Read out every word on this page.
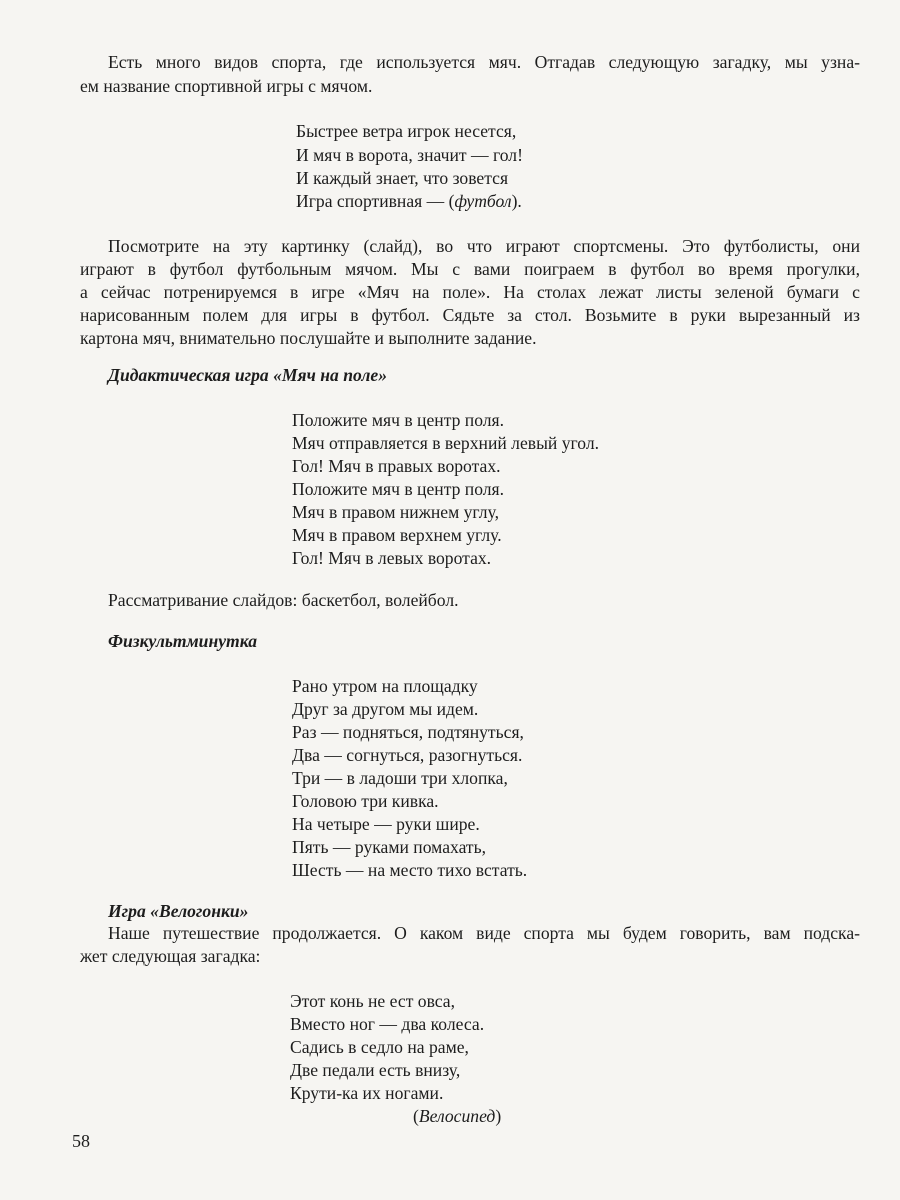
Есть много видов спорта, где используется мяч. Отгадав следующую загадку, мы узна-
ем название спортивной игры с мячом.
Быстрее ветра игрок несется,
И мяч в ворота, значит — гол!
И каждый знает, что зовется
Игра спортивная — (футбол).
Посмотрите на эту картинку (слайд), во что играют спортсмены. Это футболисты, они
играют в футбол футбольным мячом. Мы с вами поиграем в футбол во время прогулки,
а сейчас потренируемся в игре «Мяч на поле». На столах лежат листы зеленой бумаги с
нарисованным полем для игры в футбол. Сядьте за стол. Возьмите в руки вырезанный из
картона мяч, внимательно послушайте и выполните задание.
Дидактическая игра «Мяч на поле»
Положите мяч в центр поля.
Мяч отправляется в верхний левый угол.
Гол! Мяч в правых воротах.
Положите мяч в центр поля.
Мяч в правом нижнем углу,
Мяч в правом верхнем углу.
Гол! Мяч в левых воротах.
Рассматривание слайдов: баскетбол, волейбол.
Физкультминутка
Рано утром на площадку
Друг за другом мы идем.
Раз — подняться, подтянуться,
Два — согнуться, разогнуться.
Три — в ладоши три хлопка,
Головою три кивка.
На четыре — руки шире.
Пять — руками помахать,
Шесть — на место тихо встать.
Игра «Велогонки»
Наше путешествие продолжается. О каком виде спорта мы будем говорить, вам подска-
жет следующая загадка:
Этот конь не ест овса,
Вместо ног — два колеса.
Садись в седло на раме,
Две педали есть внизу,
Крути-ка их ногами.
(Велосипед)
58
